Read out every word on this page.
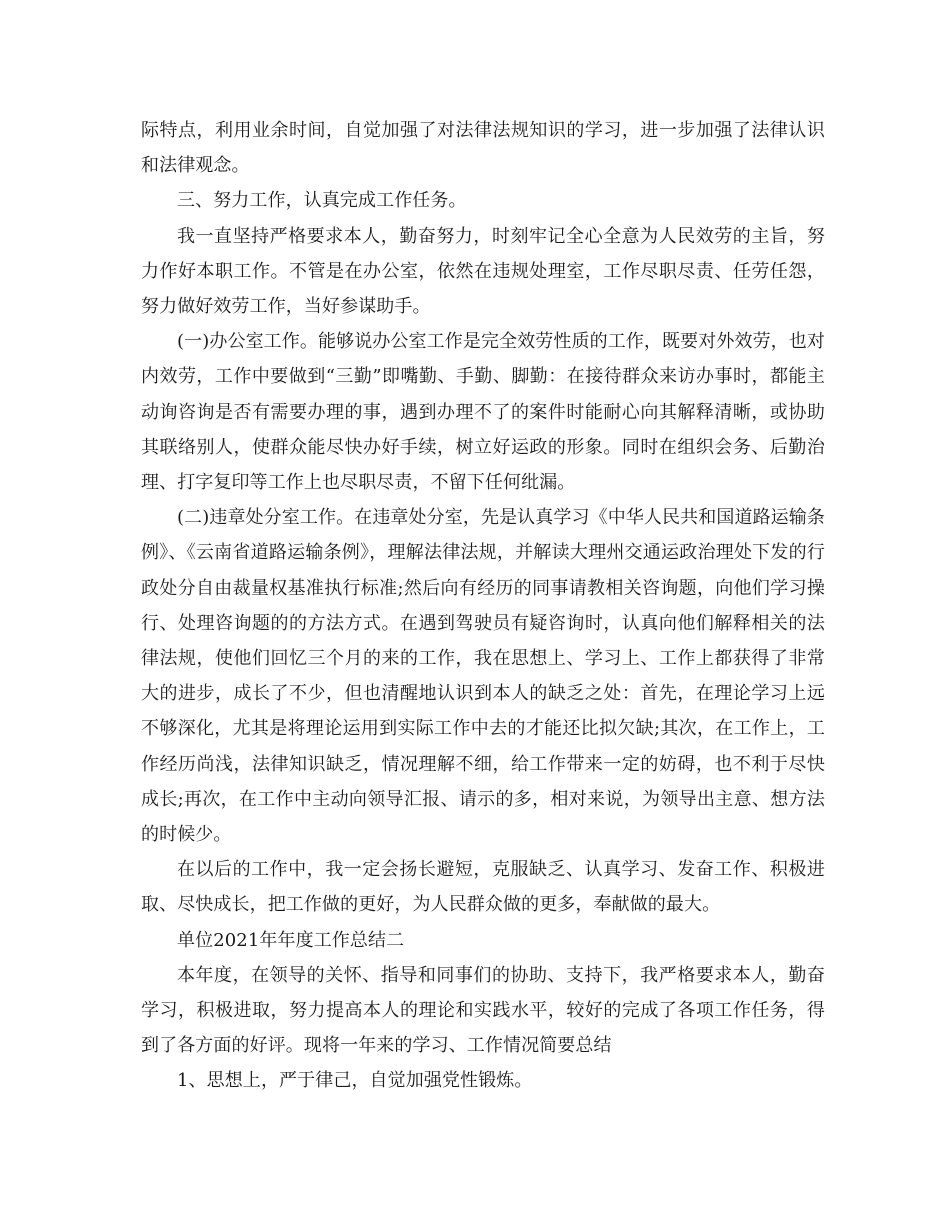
际特点，利用业余时间，自觉加强了对法律法规知识的学习，进一步加强了法律认识和法律观念。

三、努力工作，认真完成工作任务。

我一直坚持严格要求本人，勤奋努力，时刻牢记全心全意为人民效劳的主旨，努力作好本职工作。不管是在办公室，依然在违规处理室，工作尽职尽责、任劳任怨，努力做好效劳工作，当好参谋助手。

(一)办公室工作。能够说办公室工作是完全效劳性质的工作，既要对外效劳，也对内效劳，工作中要做到“三勤”即嘴勤、手勤、脚勤：在接待群众来访办事时，都能主动询咨询是否有需要办理的事，遇到办理不了的案件时能耐心向其解释清晰，或协助其联络别人，使群众能尽快办好手续，树立好运政的形象。同时在组织会务、后勤治理、打字复印等工作上也尽职尽责，不留下任何纰漏。

(二)违章处分室工作。在违章处分室，先是认真学习《中华人民共和国道路运输条例》、《云南省道路运输条例》，理解法律法规，并解读大理州交通运政治理处下发的行政处分自由裁量权基准执行标准;然后向有经历的同事请教相关咨询题，向他们学习操行、处理咨询题的的方法方式。在遇到驾驶员有疑咨询时，认真向他们解释相关的法律法规，使他们回忆三个月的来的工作，我在思想上、学习上、工作上都获得了非常大的进步，成长了不少，但也清醒地认识到本人的缺乏之处：首先，在理论学习上远不够深化，尤其是将理论运用到实际工作中去的才能还比拟欠缺;其次，在工作上，工作经历尚浅，法律知识缺乏，情况理解不细，给工作带来一定的妨碍，也不利于尽快成长;再次，在工作中主动向领导汇报、请示的多，相对来说，为领导出主意、想方法的时候少。

在以后的工作中，我一定会扬长避短，克服缺乏、认真学习、发奋工作、积极进取、尽快成长，把工作做的更好，为人民群众做的更多，奉献做的最大。

单位2021年年度工作总结二

本年度，在领导的关怀、指导和同事们的协助、支持下，我严格要求本人，勤奋学习，积极进取，努力提高本人的理论和实践水平，较好的完成了各项工作任务，得到了各方面的好评。现将一年来的学习、工作情况简要总结

1、思想上，严于律己，自觉加强党性锻炼。
